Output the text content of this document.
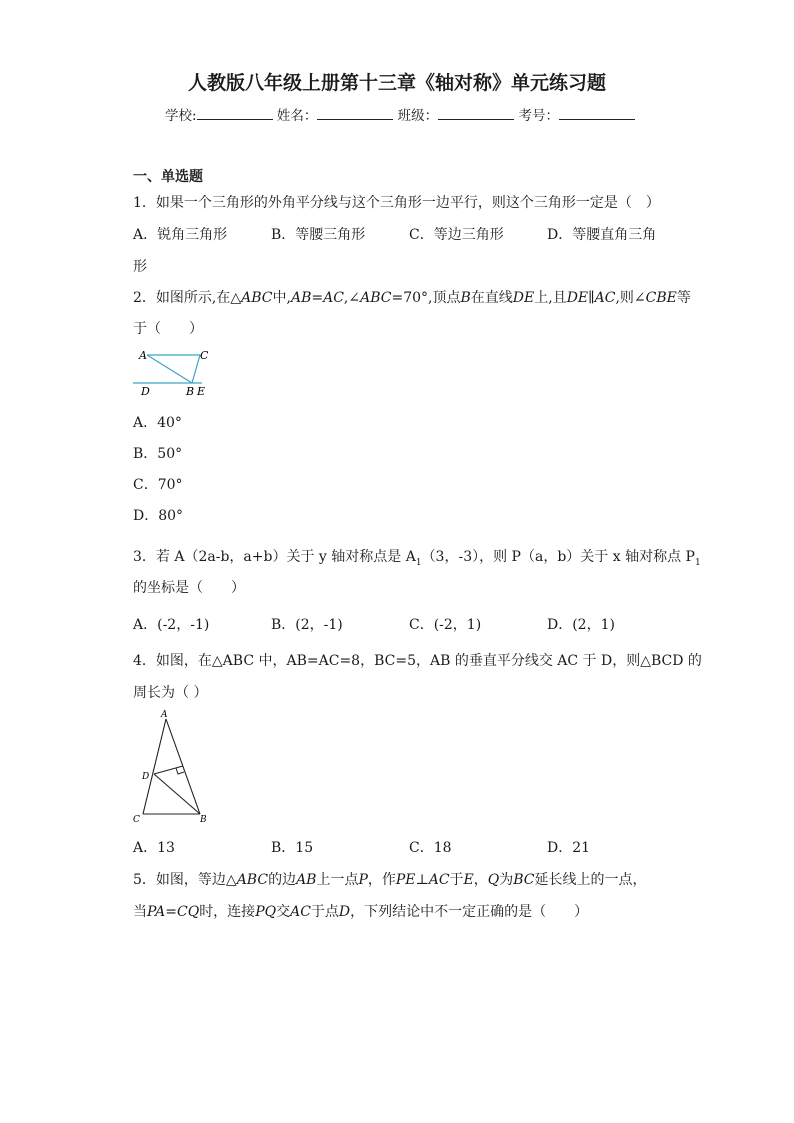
人教版八年级上册第十三章《轴对称》单元练习题
学校:	姓名：	班级：	考号：
一、单选题
1．如果一个三角形的外角平分线与这个三角形一边平行，则这个三角形一定是（　）
A．锐角三角形	B．等腰三角形	C．等边三角形	D．等腰直角三角
形
2．如图所示,在△ABC中,AB=AC,∠ABC=70°,顶点B在直线DE上,且DE∥AC,则∠CBE等
于（　　）
A	C
D	B E
A．40°
B．50°
C．70°
D．80°
3．若 A（2a-b，a+b）关于 y 轴对称点是 $A_1(3$，-3），则 P（a，b）关于 x 轴对称点 $P_1$
的坐标是（　　）
A．(-2，-1)	B．(2，-1)	C．(-2，1)	D．(2，1)
4．如图，在△ABC 中，AB=AC=8，BC=5，AB 的垂直平分线交 AC 于 D，则△BCD 的
周长为（ ）
A
D
C	B
A．13	B．15	C．18	D．21
5．如图，等边△ABC的边AB上一点P，作PE⊥AC于E，Q为BC延长线上的一点，
当PA=CQ时，连接PQ交AC于点D，下列结论中不一定正确的是（　　）
